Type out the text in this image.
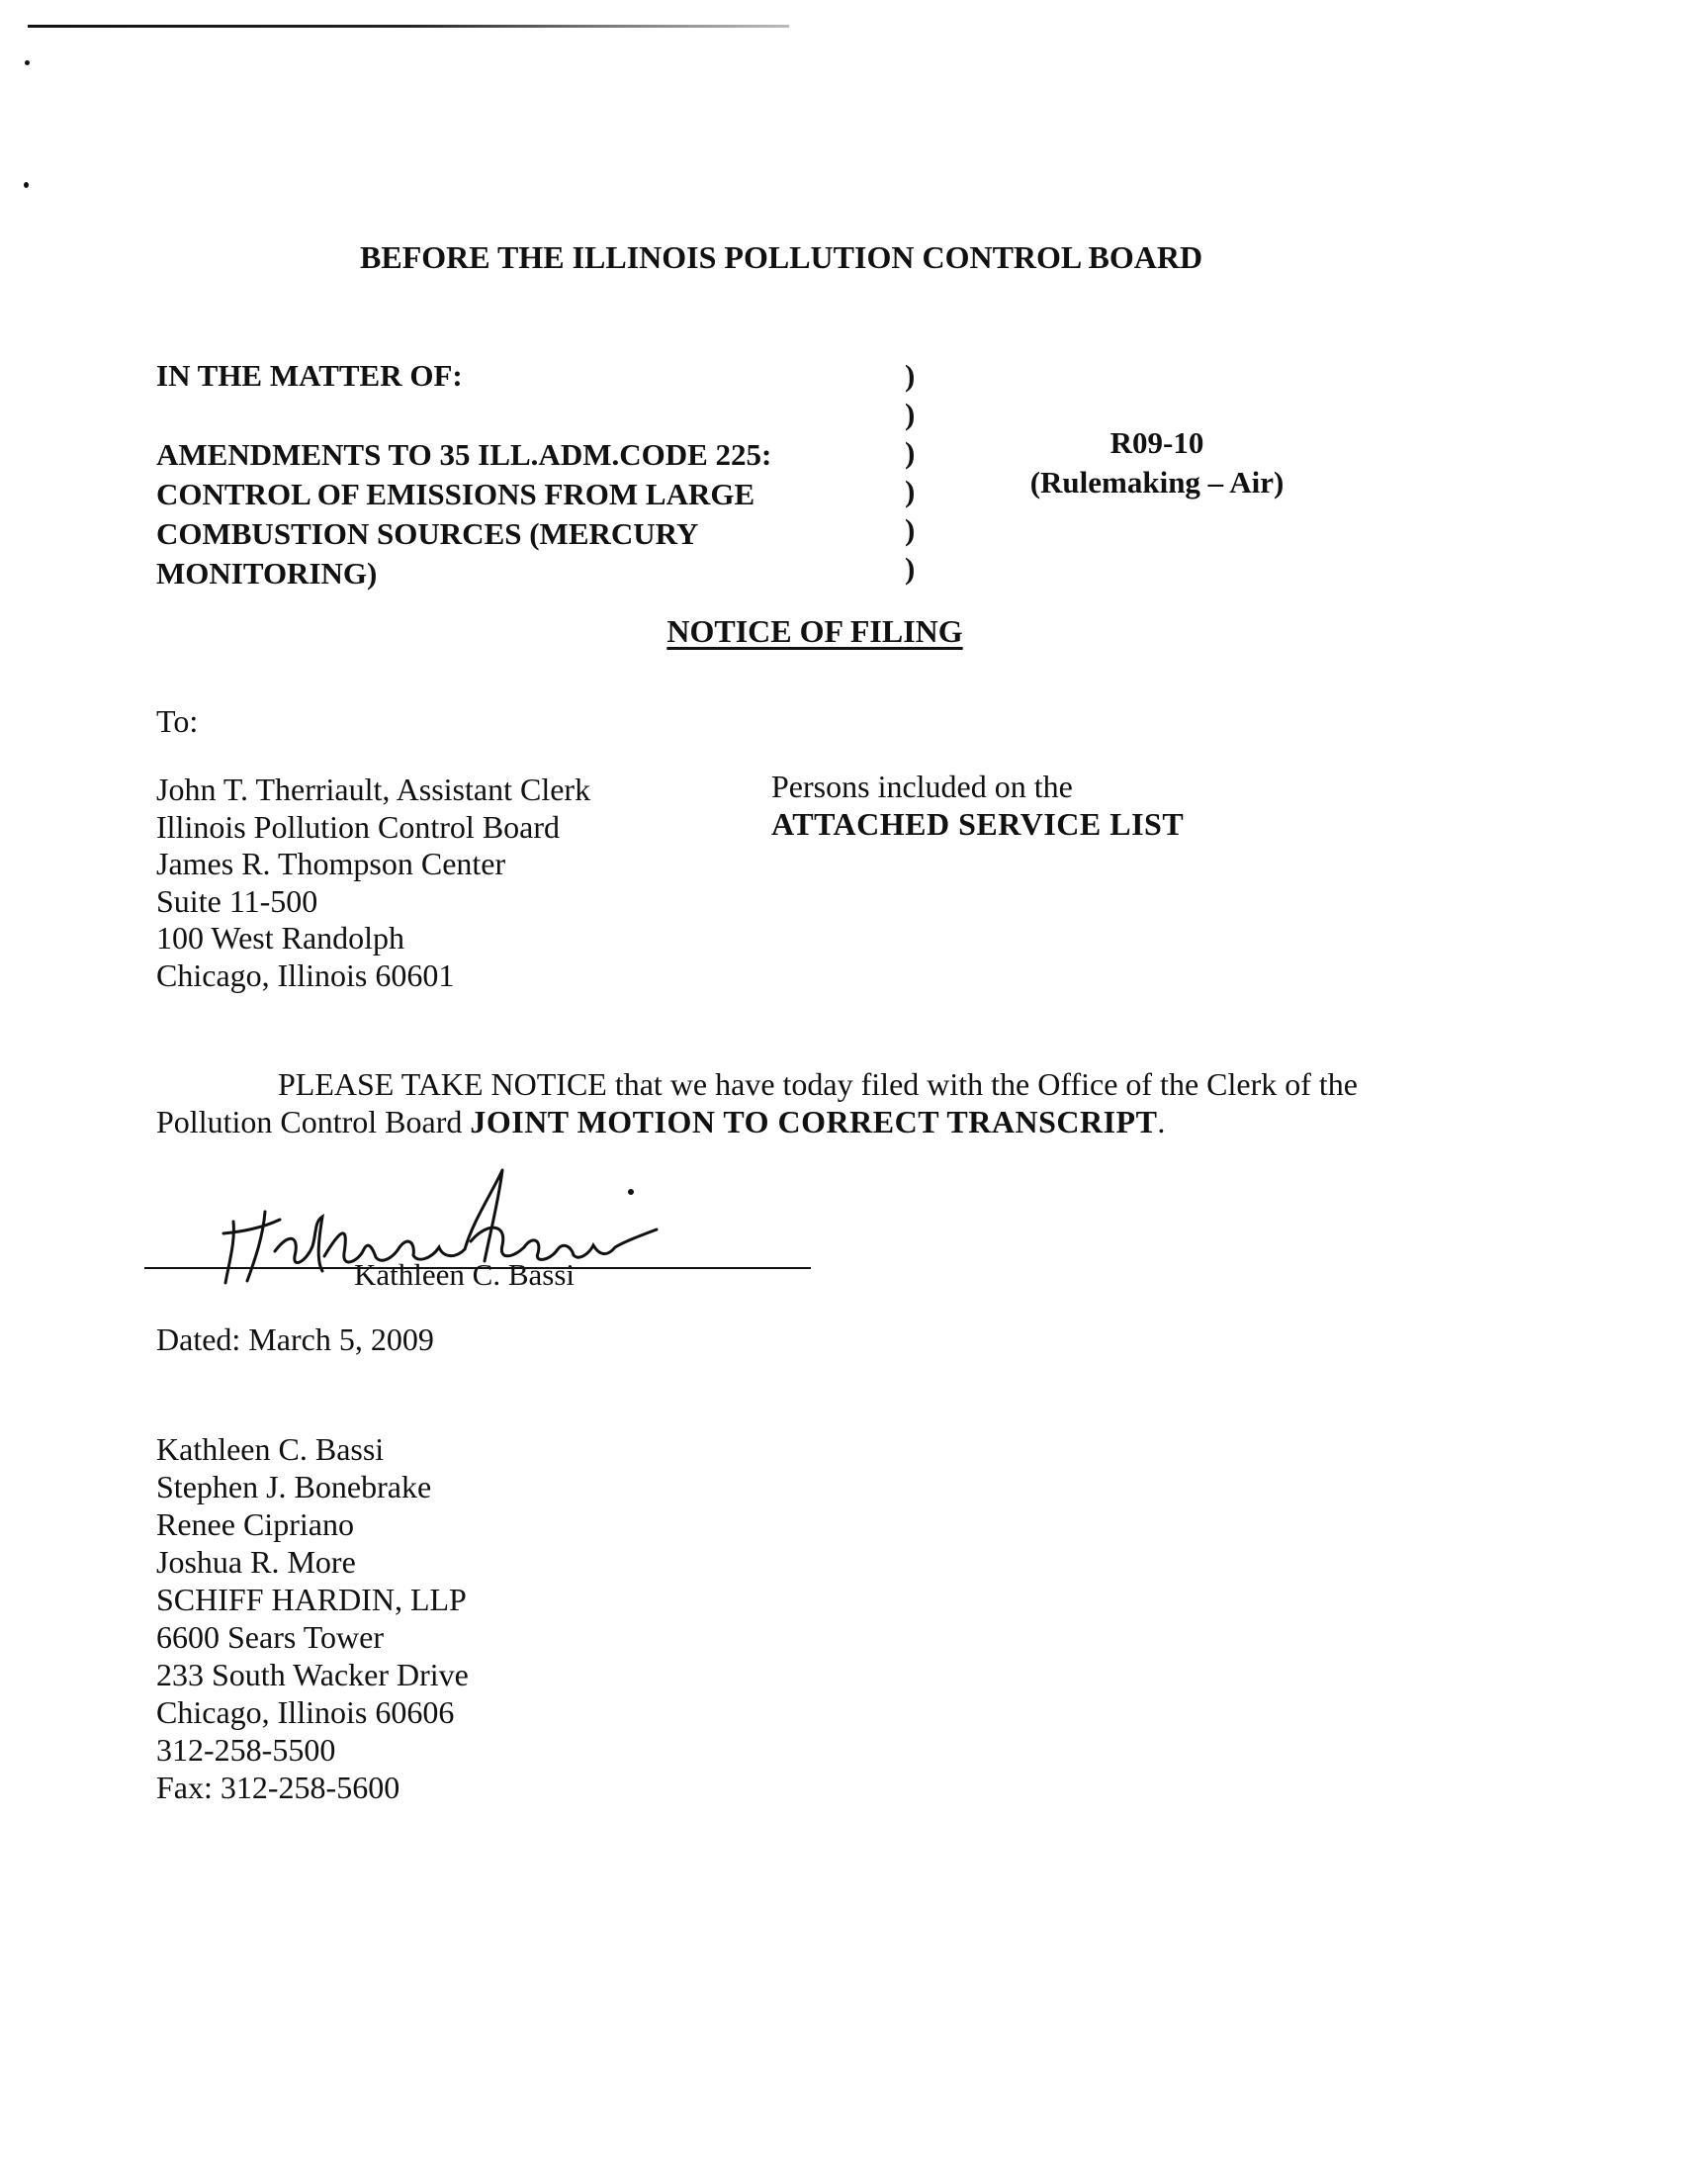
BEFORE THE ILLINOIS POLLUTION CONTROL BOARD
IN THE MATTER OF:
AMENDMENTS TO 35 ILL.ADM.CODE 225:
CONTROL OF EMISSIONS FROM LARGE
COMBUSTION SOURCES (MERCURY
MONITORING)
)
)
)
)
)
)
R09-10
(Rulemaking – Air)
NOTICE OF FILING
To:
John T. Therriault, Assistant Clerk
Illinois Pollution Control Board
James R. Thompson Center
Suite 11-500
100 West Randolph
Chicago, Illinois 60601
Persons included on the
ATTACHED SERVICE LIST
PLEASE TAKE NOTICE that we have today filed with the Office of the Clerk of the
Pollution Control Board JOINT MOTION TO CORRECT TRANSCRIPT.
Kathleen C. Bassi
Dated: March 5, 2009
Kathleen C. Bassi
Stephen J. Bonebrake
Renee Cipriano
Joshua R. More
SCHIFF HARDIN, LLP
6600 Sears Tower
233 South Wacker Drive
Chicago, Illinois 60606
312-258-5500
Fax: 312-258-5600
